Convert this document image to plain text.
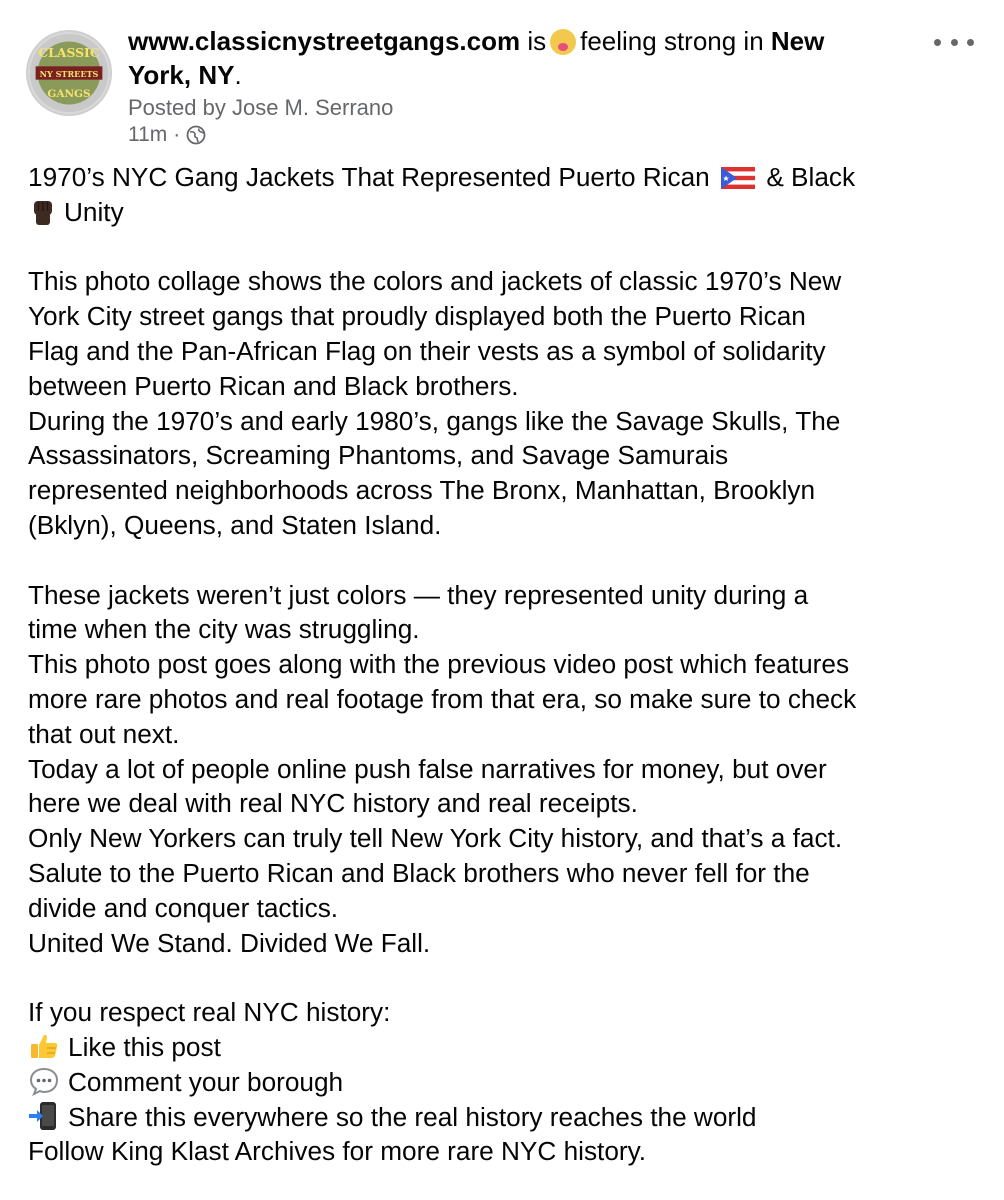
CLASSIC
NY STREETS
GANGS
www.classicnystreetgangs.com is feeling strong in New
York, NY.
Posted by Jose M. Serrano
11m ·

1970’s NYC Gang Jackets That Represented Puerto Rican & Black
Unity

This photo collage shows the colors and jackets of classic 1970’s New
York City street gangs that proudly displayed both the Puerto Rican
Flag and the Pan-African Flag on their vests as a symbol of solidarity
between Puerto Rican and Black brothers.
During the 1970’s and early 1980’s, gangs like the Savage Skulls, The
Assassinators, Screaming Phantoms, and Savage Samurais
represented neighborhoods across The Bronx, Manhattan, Brooklyn
(Bklyn), Queens, and Staten Island.

These jackets weren’t just colors — they represented unity during a
time when the city was struggling.
This photo post goes along with the previous video post which features
more rare photos and real footage from that era, so make sure to check
that out next.
Today a lot of people online push false narratives for money, but over
here we deal with real NYC history and real receipts.
Only New Yorkers can truly tell New York City history, and that’s a fact.
Salute to the Puerto Rican and Black brothers who never fell for the
divide and conquer tactics.
United We Stand. Divided We Fall.

If you respect real NYC history:

Like this post

Comment your borough

Share this everywhere so the real history reaches the world

Follow King Klast Archives for more rare NYC history.
